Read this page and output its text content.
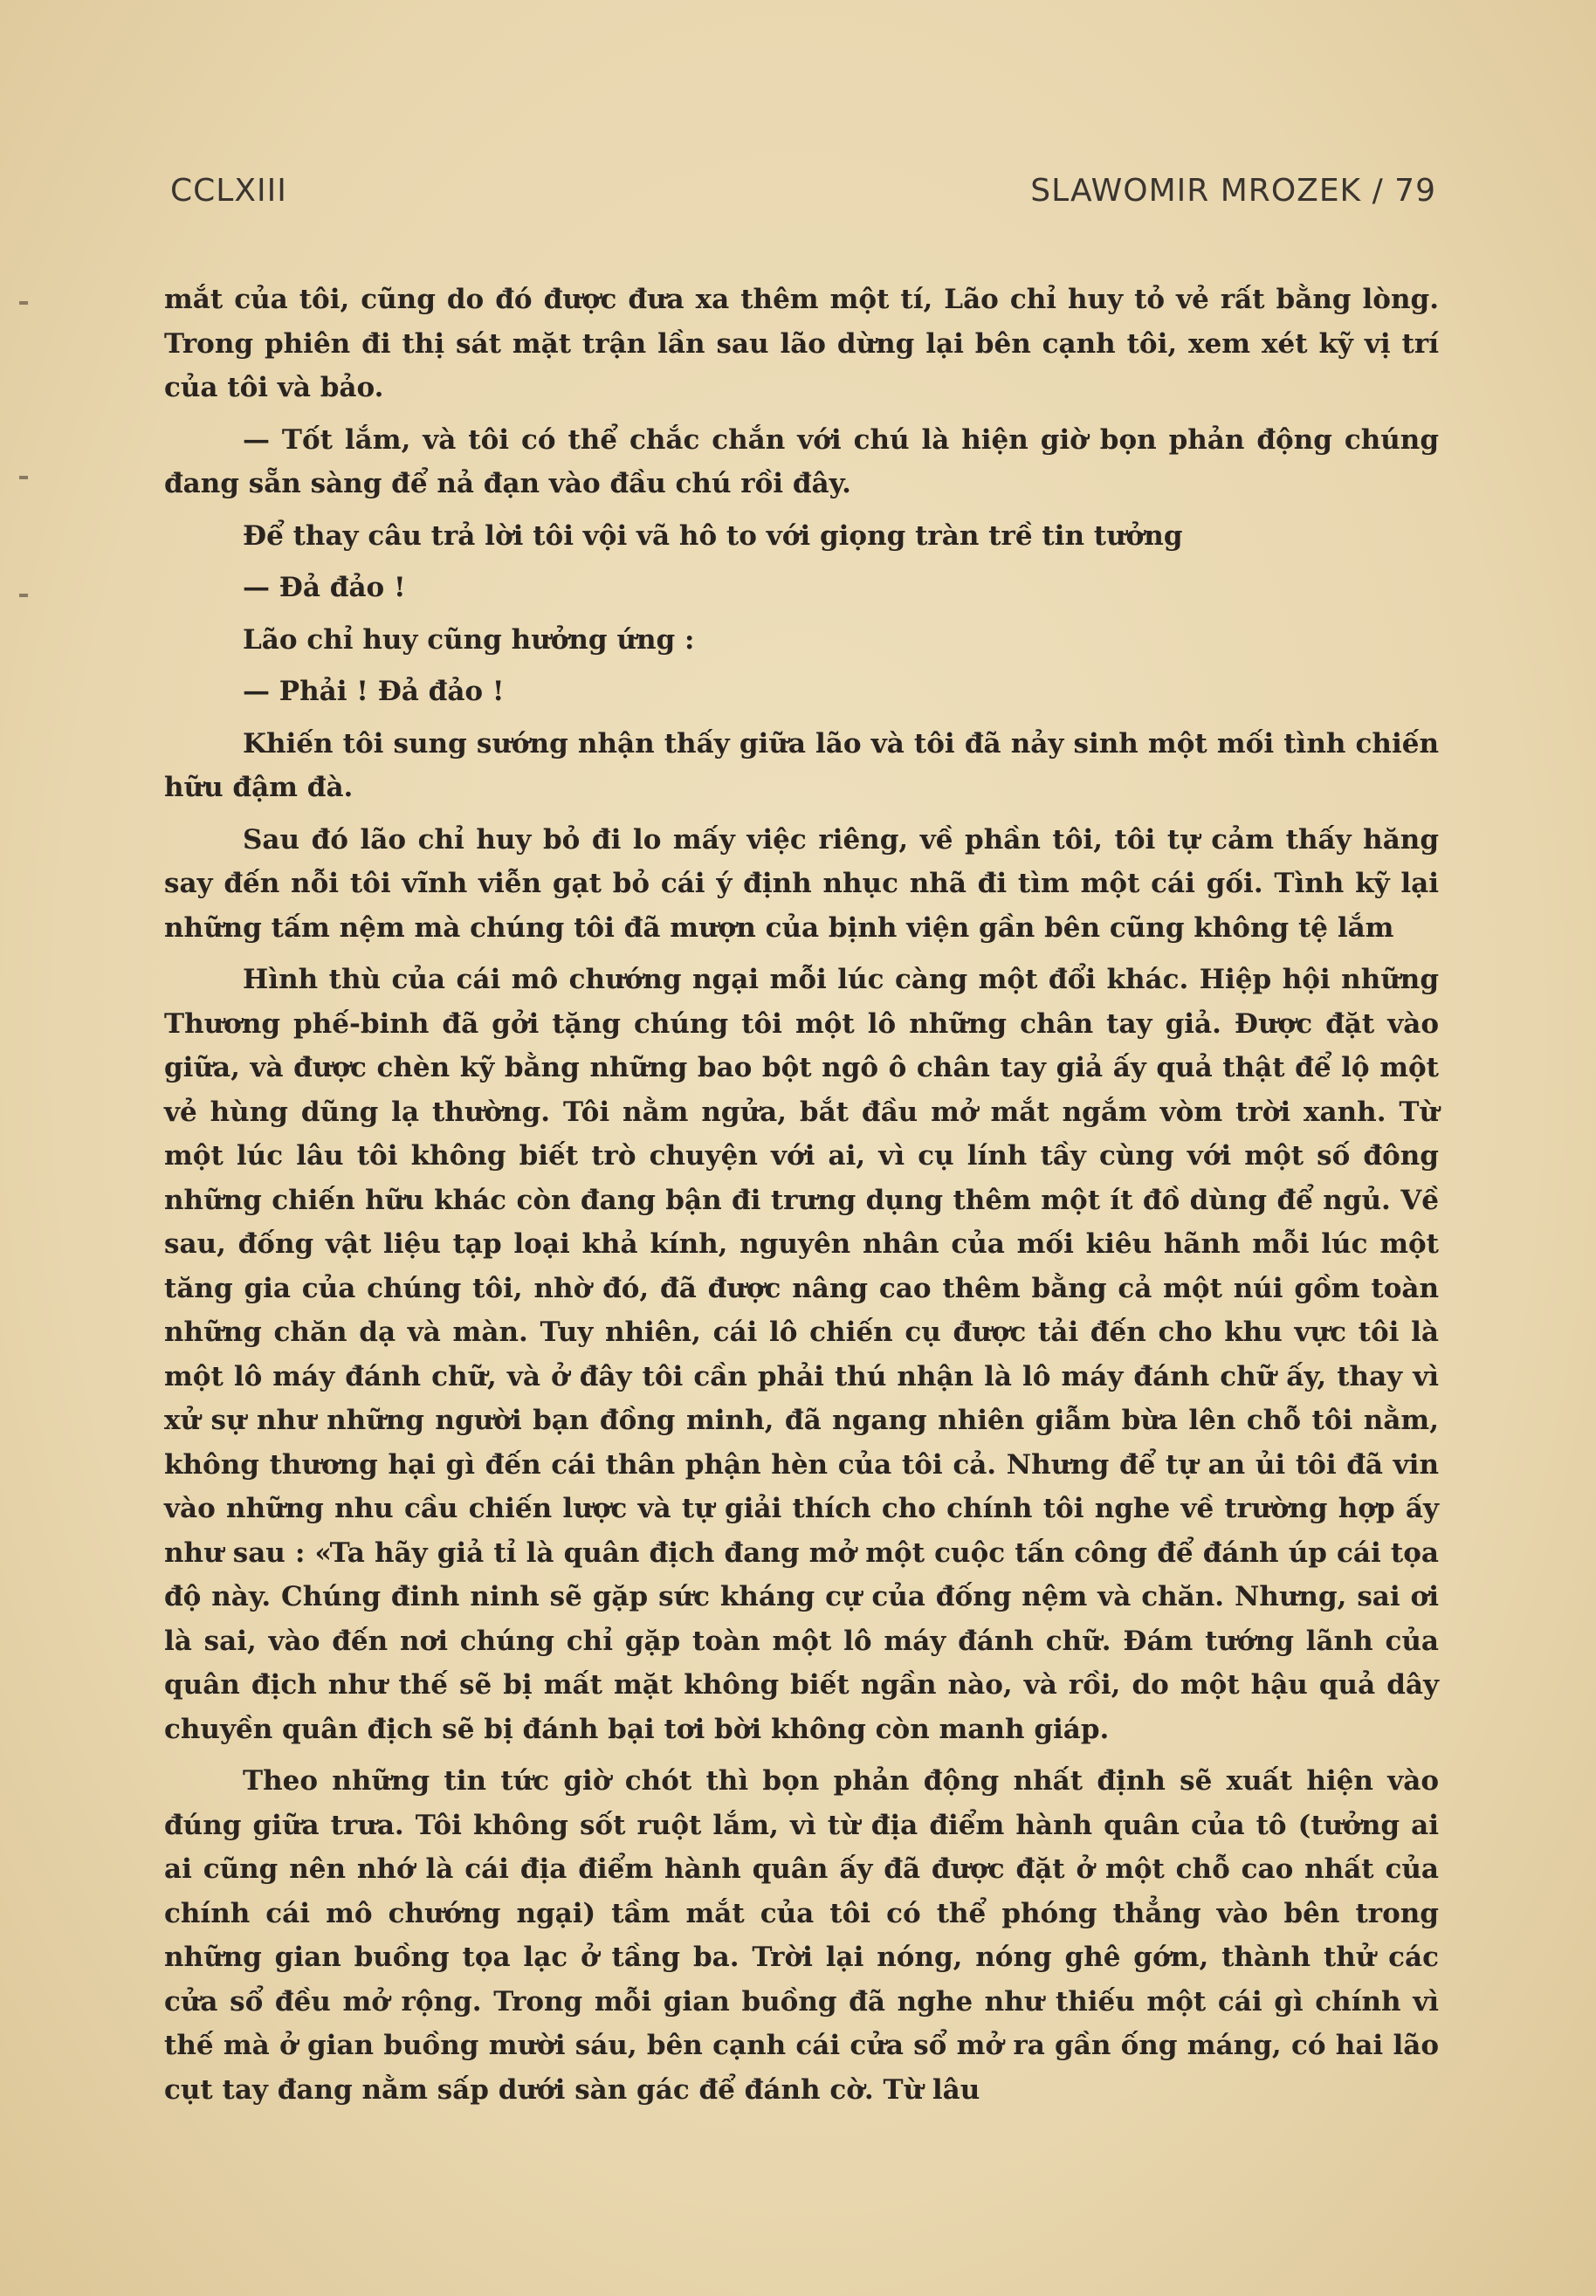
CCLXIII	SLAWOMIR MROZEK / 79

mắt của tôi, cũng do đó được đưa xa thêm một tí, Lão chỉ huy tỏ vẻ rất bằng lòng. Trong phiên đi thị sát mặt trận lần sau lão dừng lại bên cạnh tôi, xem xét kỹ vị trí của tôi và bảo.

— Tốt lắm, và tôi có thể chắc chắn với chú là hiện giờ bọn phản động chúng đang sẵn sàng để nả đạn vào đầu chú rồi đây.

Để thay câu trả lời tôi vội vã hô to với giọng tràn trề tin tưởng

— Đả đảo !

Lão chỉ huy cũng hưởng ứng :

— Phải ! Đả đảo !

Khiến tôi sung sướng nhận thấy giữa lão và tôi đã nảy sinh một mối tình chiến hữu đậm đà.

Sau đó lão chỉ huy bỏ đi lo mấy việc riêng, về phần tôi, tôi tự cảm thấy hăng say đến nỗi tôi vĩnh viễn gạt bỏ cái ý định nhục nhã đi tìm một cái gối. Tình kỹ lại những tấm nệm mà chúng tôi đã mượn của bịnh viện gần bên cũng không tệ lắm

Hình thù của cái mô chướng ngại mỗi lúc càng một đổi khác. Hiệp hội những Thương phế-binh đã gởi tặng chúng tôi một lô những chân tay giả. Được đặt vào giữa, và được chèn kỹ bằng những bao bột ngô ô chân tay giả ấy quả thật để lộ một vẻ hùng dũng lạ thường. Tôi nằm ngửa, bắt đầu mở mắt ngắm vòm trời xanh. Từ một lúc lâu tôi không biết trò chuyện với ai, vì cụ lính tầy cùng với một số đông những chiến hữu khác còn đang bận đi trưng dụng thêm một ít đồ dùng để ngủ. Về sau, đống vật liệu tạp loại khả kính, nguyên nhân của mối kiêu hãnh mỗi lúc một tăng gia của chúng tôi, nhờ đó, đã được nâng cao thêm bằng cả một núi gồm toàn những chăn dạ và màn. Tuy nhiên, cái lô chiến cụ được tải đến cho khu vực tôi là một lô máy đánh chữ, và ở đây tôi cần phải thú nhận là lô máy đánh chữ ấy, thay vì xử sự như những người bạn đồng minh, đã ngang nhiên giẫm bừa lên chỗ tôi nằm, không thương hại gì đến cái thân phận hèn của tôi cả. Nhưng để tự an ủi tôi đã vin vào những nhu cầu chiến lược và tự giải thích cho chính tôi nghe về trường hợp ấy như sau : «Ta hãy giả tỉ là quân địch đang mở một cuộc tấn công để đánh úp cái tọa độ này. Chúng đinh ninh sẽ gặp sức kháng cự của đống nệm và chăn. Nhưng, sai ơi là sai, vào đến nơi chúng chỉ gặp toàn một lô máy đánh chữ. Đám tướng lãnh của quân địch như thế sẽ bị mất mặt không biết ngần nào, và rồi, do một hậu quả dây chuyền quân địch sẽ bị đánh bại tơi bời không còn manh giáp.

Theo những tin tức giờ chót thì bọn phản động nhất định sẽ xuất hiện vào đúng giữa trưa. Tôi không sốt ruột lắm, vì từ địa điểm hành quân của tô (tưởng ai ai cũng nên nhớ là cái địa điểm hành quân ấy đã được đặt ở một chỗ cao nhất của chính cái mô chướng ngại) tầm mắt của tôi có thể phóng thẳng vào bên trong những gian buồng tọa lạc ở tầng ba. Trời lại nóng, nóng ghê gớm, thành thử các cửa sổ đều mở rộng. Trong mỗi gian buồng đã nghe như thiếu một cái gì chính vì thế mà ở gian buồng mười sáu, bên cạnh cái cửa sổ mở ra gần ống máng, có hai lão cụt tay đang nằm sấp dưới sàn gác để đánh cờ. Từ lâu
